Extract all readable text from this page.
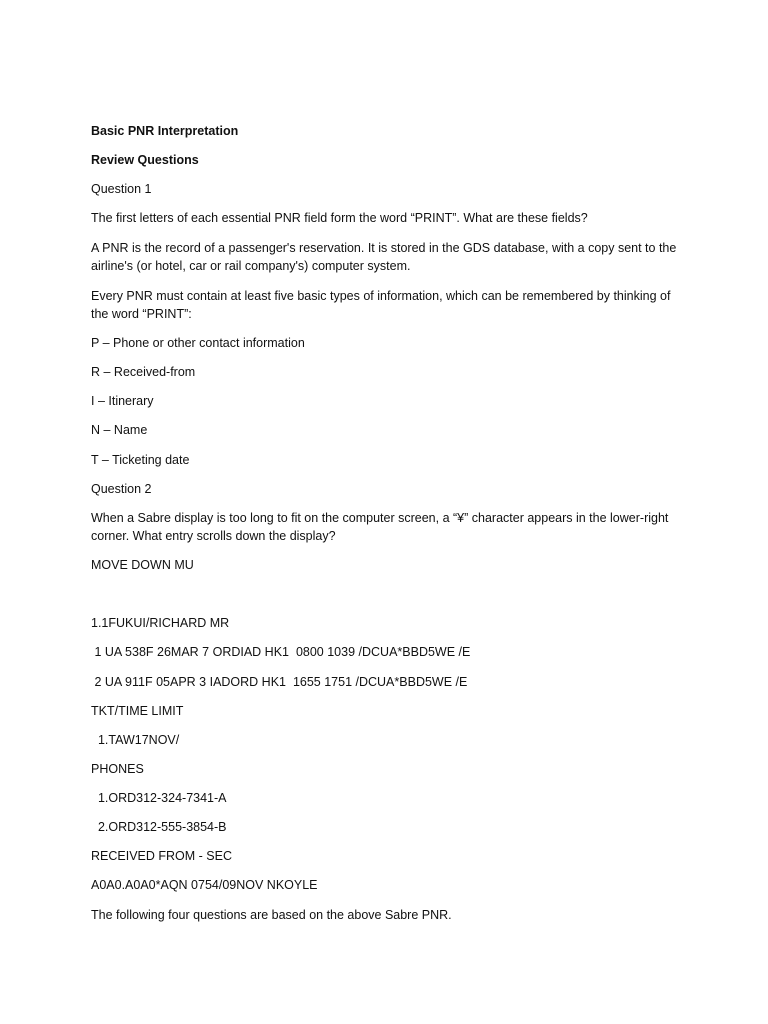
Basic PNR Interpretation

Review Questions

Question 1

The first letters of each essential PNR field form the word “PRINT”. What are these fields?

A PNR is the record of a passenger's reservation. It is stored in the GDS database, with a copy sent to the airline's (or hotel, car or rail company's) computer system.

Every PNR must contain at least five basic types of information, which can be remembered by thinking of the word “PRINT”:

P – Phone or other contact information

R – Received-from

I – Itinerary

N – Name

T – Ticketing date

Question 2

When a Sabre display is too long to fit on the computer screen, a “¥” character appears in the lower-right corner. What entry scrolls down the display?

MOVE DOWN MU

1.1FUKUI/RICHARD MR

1 UA 538F 26MAR 7 ORDIAD HK1  0800 1039 /DCUA*BBD5WE /E

2 UA 911F 05APR 3 IADORD HK1  1655 1751 /DCUA*BBD5WE /E

TKT/TIME LIMIT

1.TAW17NOV/

PHONES

1.ORD312-324-7341-A

2.ORD312-555-3854-B

RECEIVED FROM - SEC

A0A0.A0A0*AQN 0754/09NOV NKOYLE

The following four questions are based on the above Sabre PNR.
